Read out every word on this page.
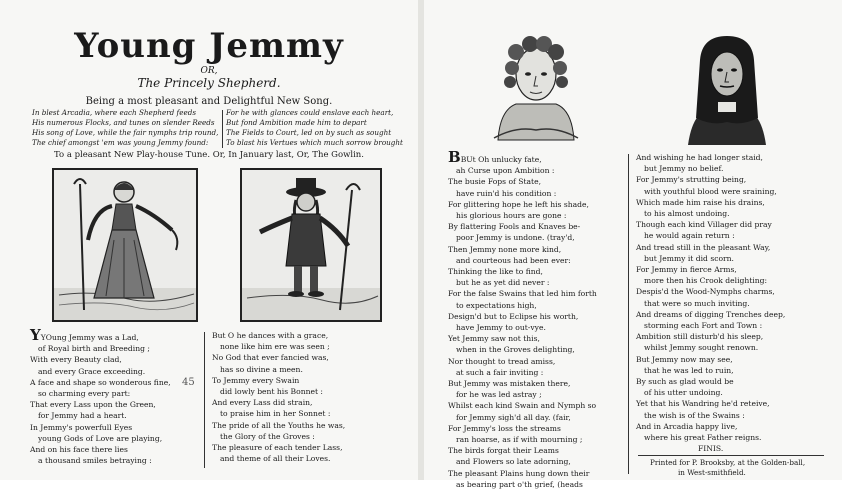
Young Jemmy
OR,
The Princely Shepherd.
Being a most pleasant and Delightful New Song.
In blest Arcadia, where each Shepherd feeds
His numerous Flocks, and tunes on slender Reeds
His song of Love, while the fair nymphs trip round,
The chief amongst 'em was young Jemmy found:
For he with glances could enslave each heart,
But fond Ambition made him to depart
The Fields to Court, led on by such as sought
To blast his Vertues which much sorrow brought
To a pleasant New Play-house Tune. Or, In January last, Or, The Gowlin.

YYOung Jemmy was a Lad,

of Royal birth and Breeding ;

With every Beauty clad,

and every Grace exceeding.

A face and shape so wonderous fine,

so charming every part:

That every Lass upon the Green,

for Jemmy had a heart.

In Jemmy's powerfull Eyes

young Gods of Love are playing,

And on his face there lies

a thousand smiles betraying :

45

But O he dances with a grace,

none like him ere was seen ;

No God that ever fancied was,

has so divine a meen.

To Jemmy every Swain

did lowly bent his Bonnet :

And every Lass did strain,

to praise him in her Sonnet :

The pride of all the Youths he was,

the Glory of the Groves :

The pleasure of each tender Lass,

and theme of all their Loves.

BBUt Oh unlucky fate,

ah Curse upon Ambition :

The busie Fops of State,

have ruin'd his condition :

For glittering hope he left his shade,

his glorious hours are gone :

By flattering Fools and Knaves be-

poor Jemmy is undone. (tray'd,

Then Jemmy none more kind,

and courteous had been ever:

Thinking the like to find,

but he as yet did never :

For the false Swains that led him forth

to expectations high,

Design'd but to Eclipse his worth,

have Jemmy to out-vye.

Yet Jemmy saw not this,

when in the Groves delighting,

Nor thought to tread amiss,

at such a fair inviting :

But Jemmy was mistaken there,

for he was led astray ;

Whilst each kind Swain and Nymph so

for Jemmy sigh'd all day. (fair,

For Jemmy's loss the streams

ran hoarse, as if with mourning ;

The birds forgat their Leams

and Flowers so late adorning,

The pleasant Plains hung down their

as bearing part o'th grief, (heads

And wishing he had longer staid,

but Jemmy no belief.

For Jemmy's strutting being,

with youthful blood were sraining,

Which made him raise his drains,

to his almost undoing.

Though each kind Villager did pray

he would again return :

And tread still in the pleasant Way,

but Jemmy it did scorn.

For Jemmy in fierce Arms,

more then his Crook delighting:

Despis'd the Wood-Nymphs charms,

that were so much inviting.

And dreams of digging Trenches deep,

storming each Fort and Town :

Ambition still disturb'd his sleep,

whilst Jemmy sought renown.

But Jemmy now may see,

that he was led to ruin,

By such as glad would be

of his utter undoing.

Yet that his Wandring he'd reteive,

the wish is of the Swains :

And in Arcadia happy live,

where his great Father reigns.

FINIS.

Printed for P. Brooksby, at the Golden-ball,
in West-smithfield.
